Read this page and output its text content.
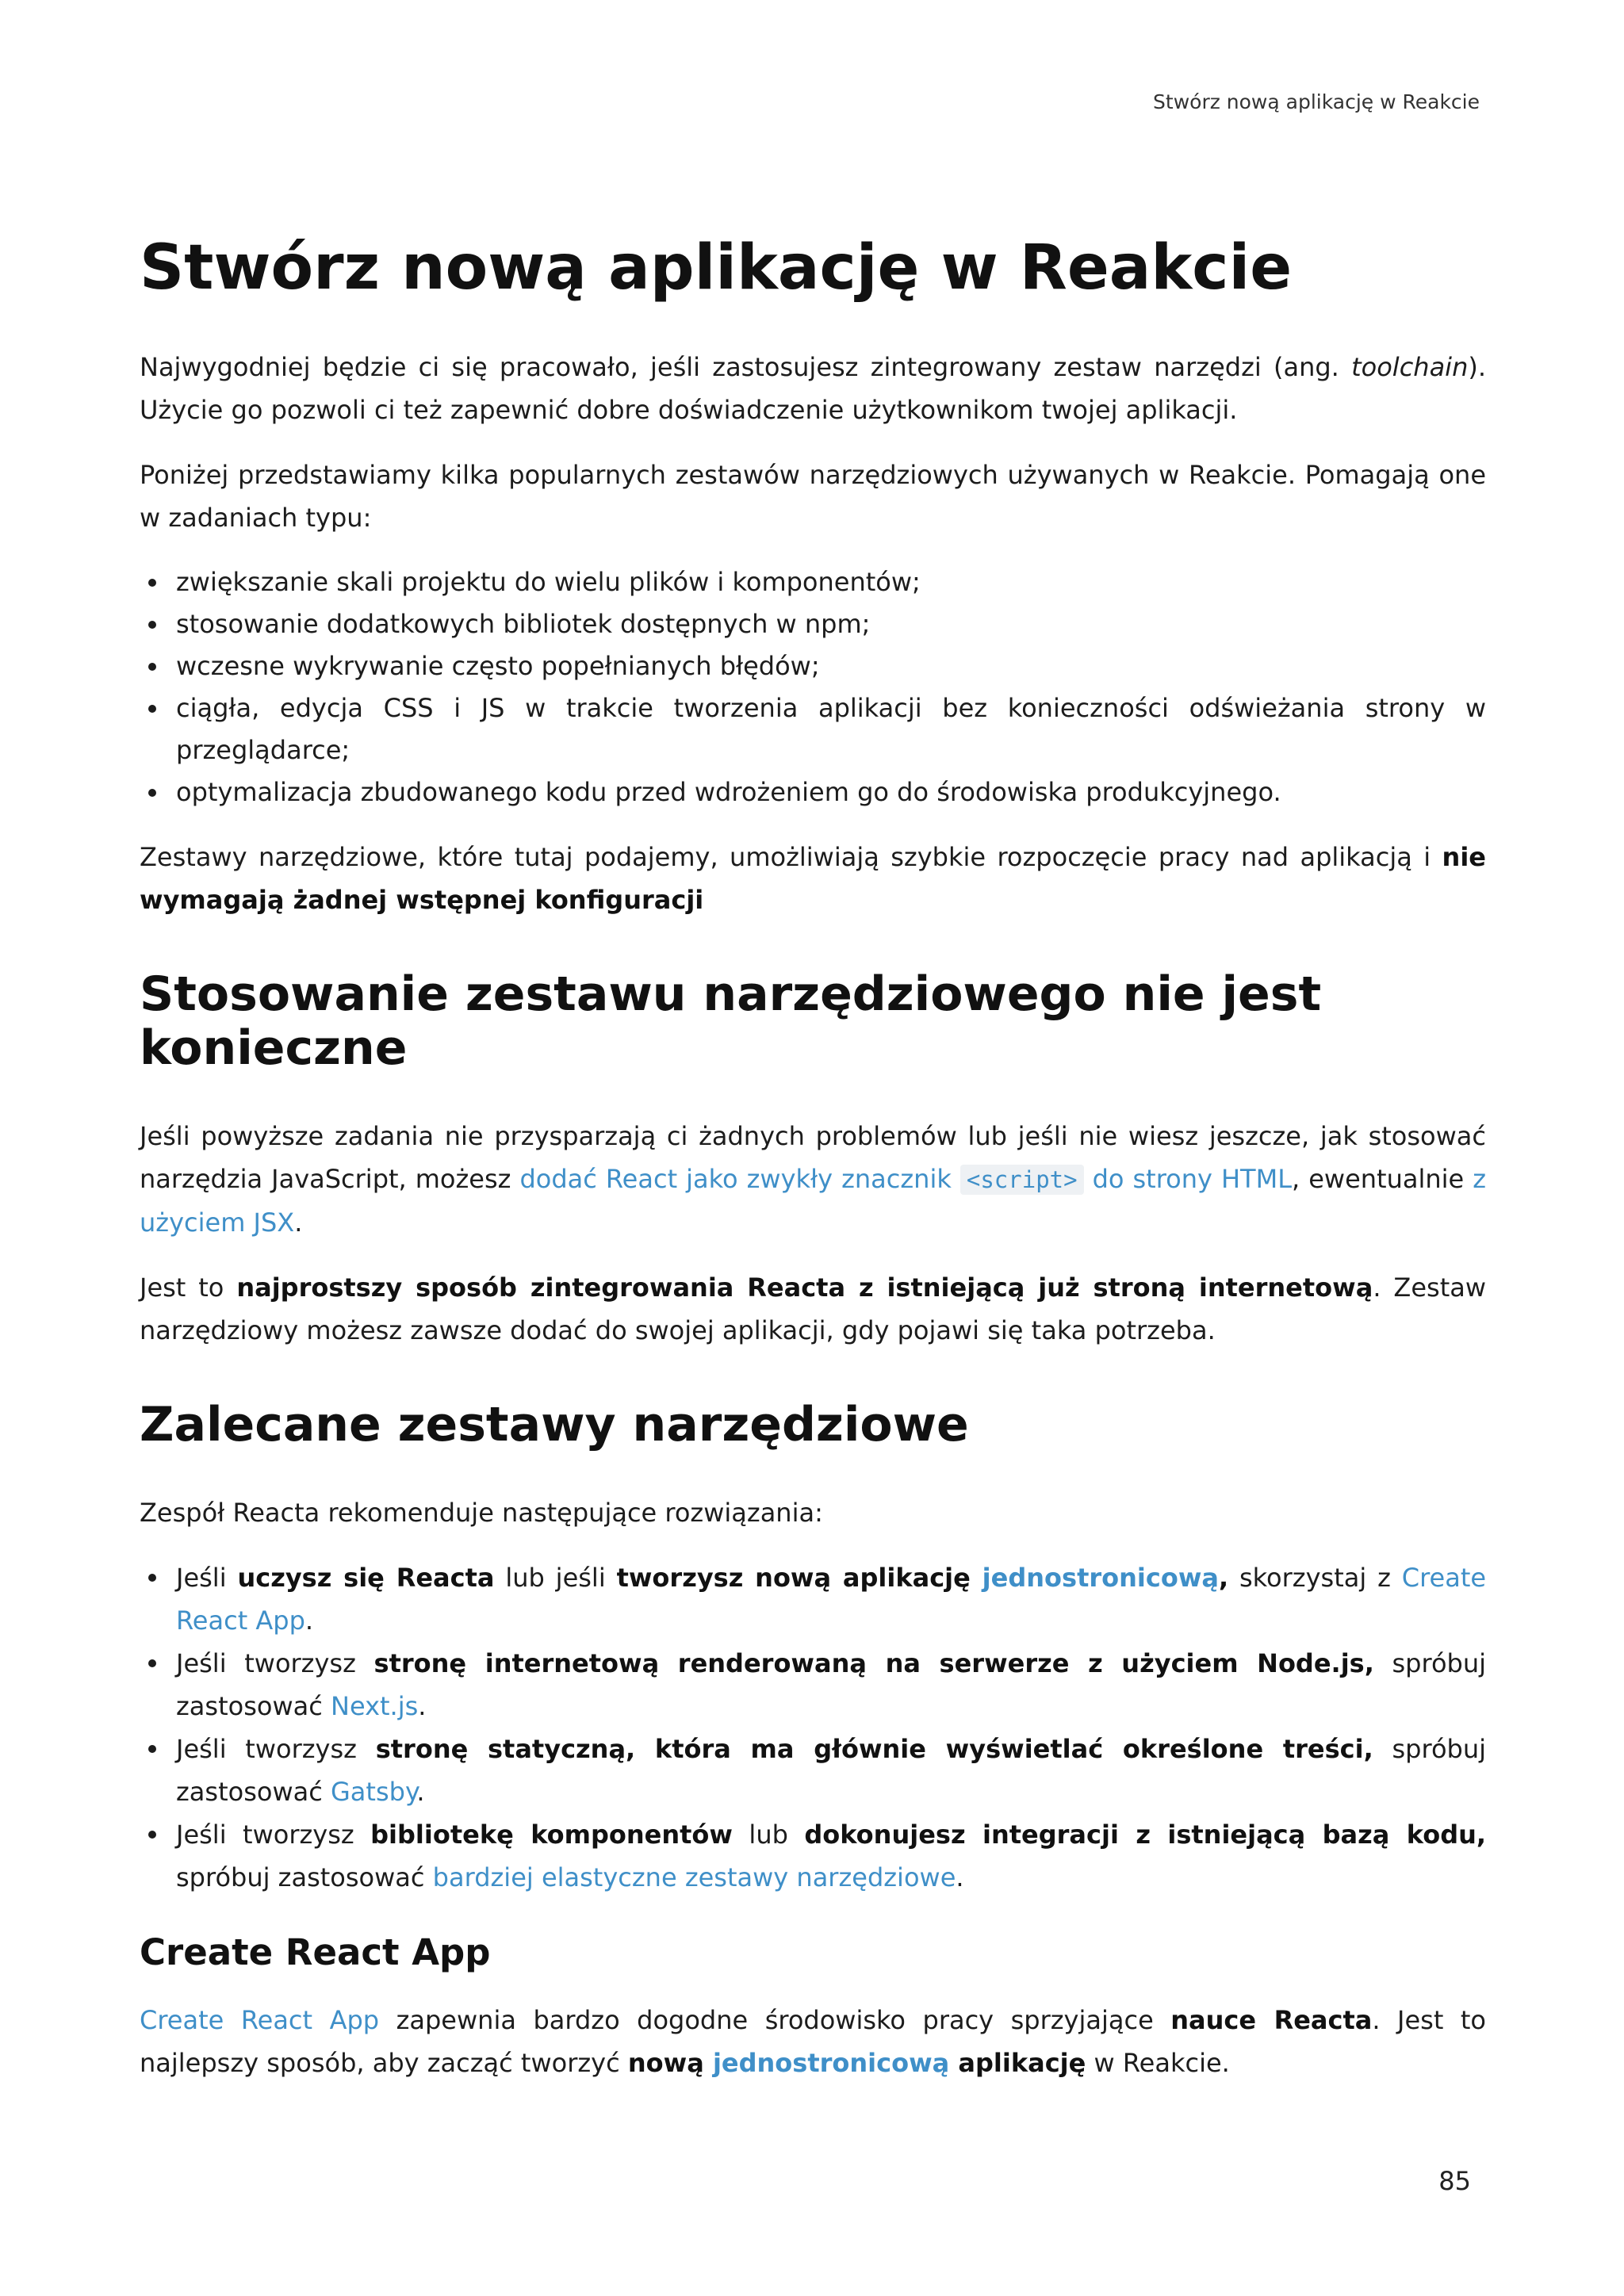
Stwórz nową aplikację w Reakcie
Stwórz nową aplikację w Reakcie

Najwygodniej będzie ci się pracowało, jeśli zastosujesz zintegrowany zestaw narzędzi (ang. toolchain). Użycie go pozwoli ci też zapewnić dobre doświadczenie użytkownikom twojej aplikacji.

Poniżej przedstawiamy kilka popularnych zestawów narzędziowych używanych w Reakcie. Pomagają one w zadaniach typu:

zwiększanie skali projektu do wielu plików i komponentów;
stosowanie dodatkowych bibliotek dostępnych w npm;
wczesne wykrywanie często popełnianych błędów;
ciągła, edycja CSS i JS w trakcie tworzenia aplikacji bez konieczności odświeżania strony w przeglądarce;
optymalizacja zbudowanego kodu przed wdrożeniem go do środowiska produkcyjnego.

Zestawy narzędziowe, które tutaj podajemy, umożliwiają szybkie rozpoczęcie pracy nad aplikacją i nie wymagają żadnej wstępnej konfiguracji

Stosowanie zestawu narzędziowego nie jest konieczne

Jeśli powyższe zadania nie przysparzają ci żadnych problemów lub jeśli nie wiesz jeszcze, jak stosować narzędzia JavaScript, możesz dodać React jako zwykły znacznik <script> do strony HTML, ewentualnie z użyciem JSX.

Jest to najprostszy sposób zintegrowania Reacta z istniejącą już stroną internetową. Zestaw narzędziowy możesz zawsze dodać do swojej aplikacji, gdy pojawi się taka potrzeba.

Zalecane zestawy narzędziowe

Zespół Reacta rekomenduje następujące rozwiązania:

Jeśli uczysz się Reacta lub jeśli tworzysz nową aplikację jednostronicową, skorzystaj z Create React App.
Jeśli tworzysz stronę internetową renderowaną na serwerze z użyciem Node.js, spróbuj zastosować Next.js.
Jeśli tworzysz stronę statyczną, która ma głównie wyświetlać określone treści, spróbuj zastosować Gatsby.
Jeśli tworzysz bibliotekę komponentów lub dokonujesz integracji z istniejącą bazą kodu, spróbuj zastosować bardziej elastyczne zestawy narzędziowe.
Create React App

Create React App zapewnia bardzo dogodne środowisko pracy sprzyjające nauce Reacta. Jest to najlepszy sposób, aby zacząć tworzyć nową jednostronicową aplikację w Reakcie.

85
